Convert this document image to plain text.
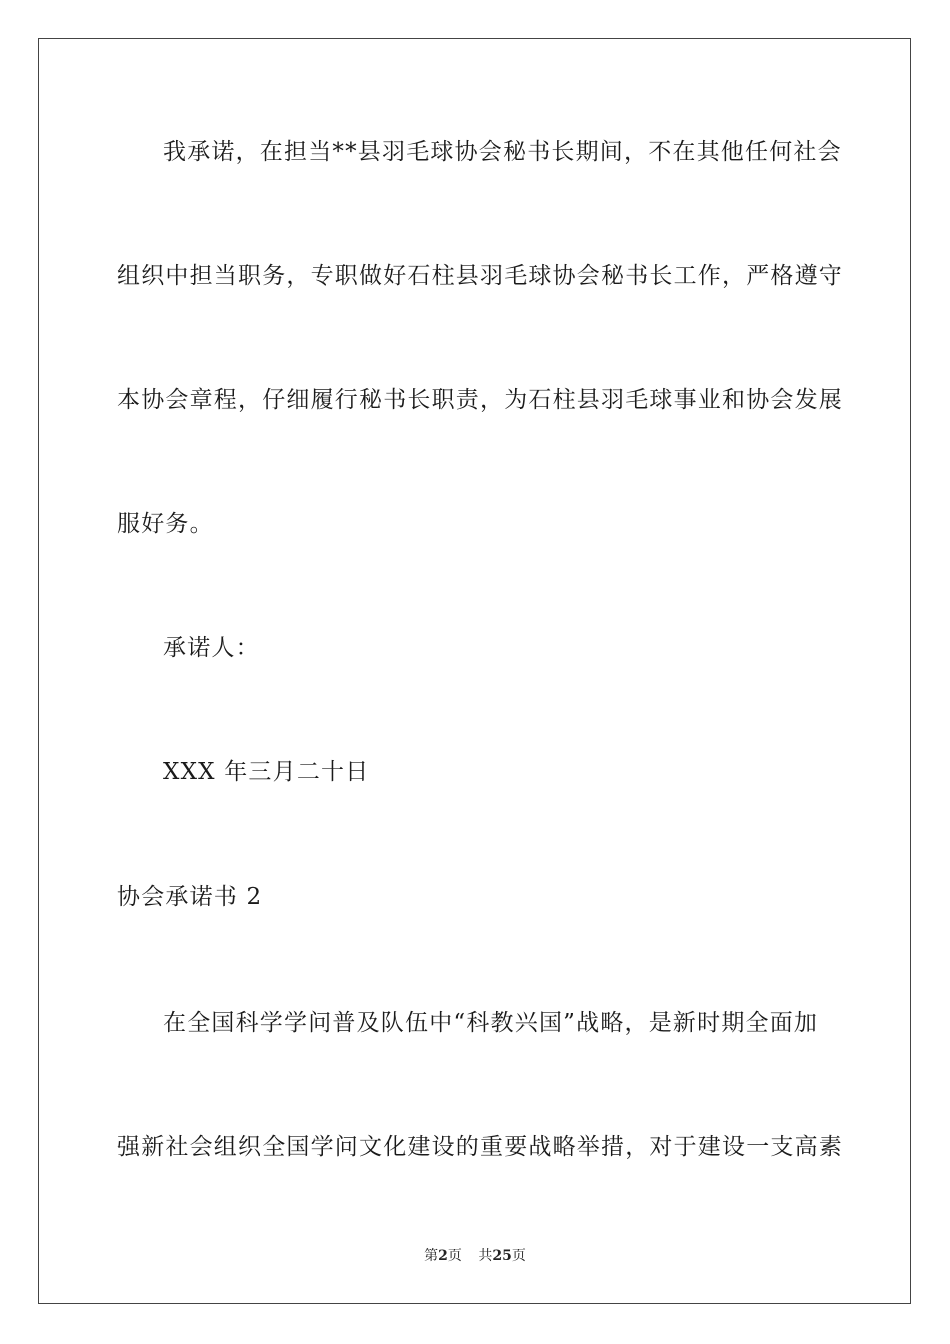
我承诺，在担当**县羽毛球协会秘书长期间，不在其他任何社会
组织中担当职务，专职做好石柱县羽毛球协会秘书长工作，严格遵守
本协会章程，仔细履行秘书长职责，为石柱县羽毛球事业和协会发展
服好务。
承诺人：
XXX 年三月二十日
协会承诺书 2
在全国科学学问普及队伍中“科教兴国”战略，是新时期全面加
强新社会组织全国学问文化建设的重要战略举措，对于建设一支高素
第2页 共25页
